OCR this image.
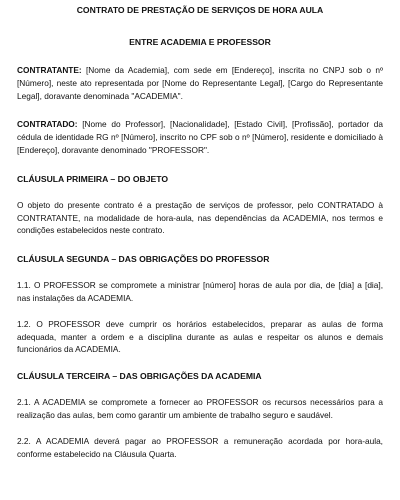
CONTRATO DE PRESTAÇÃO DE SERVIÇOS DE HORA AULA

ENTRE ACADEMIA E PROFESSOR

CONTRATANTE: [Nome da Academia], com sede em [Endereço], inscrita no CNPJ sob o nº [Número], neste ato representada por [Nome do Representante Legal], [Cargo do Representante Legal], doravante denominada "ACADEMIA".

CONTRATADO: [Nome do Professor], [Nacionalidade], [Estado Civil], [Profissão], portador da cédula de identidade RG nº [Número], inscrito no CPF sob o nº [Número], residente e domiciliado à [Endereço], doravante denominado "PROFESSOR".

CLÁUSULA PRIMEIRA – DO OBJETO

O objeto do presente contrato é a prestação de serviços de professor, pelo CONTRATADO à CONTRATANTE, na modalidade de hora-aula, nas dependências da ACADEMIA, nos termos e condições estabelecidos neste contrato.

CLÁUSULA SEGUNDA – DAS OBRIGAÇÕES DO PROFESSOR

1.1. O PROFESSOR se compromete a ministrar [número] horas de aula por dia, de [dia] a [dia], nas instalações da ACADEMIA.

1.2. O PROFESSOR deve cumprir os horários estabelecidos, preparar as aulas de forma adequada, manter a ordem e a disciplina durante as aulas e respeitar os alunos e demais funcionários da ACADEMIA.

CLÁUSULA TERCEIRA – DAS OBRIGAÇÕES DA ACADEMIA

2.1. A ACADEMIA se compromete a fornecer ao PROFESSOR os recursos necessários para a realização das aulas, bem como garantir um ambiente de trabalho seguro e saudável.

2.2. A ACADEMIA deverá pagar ao PROFESSOR a remuneração acordada por hora-aula, conforme estabelecido na Cláusula Quarta.
